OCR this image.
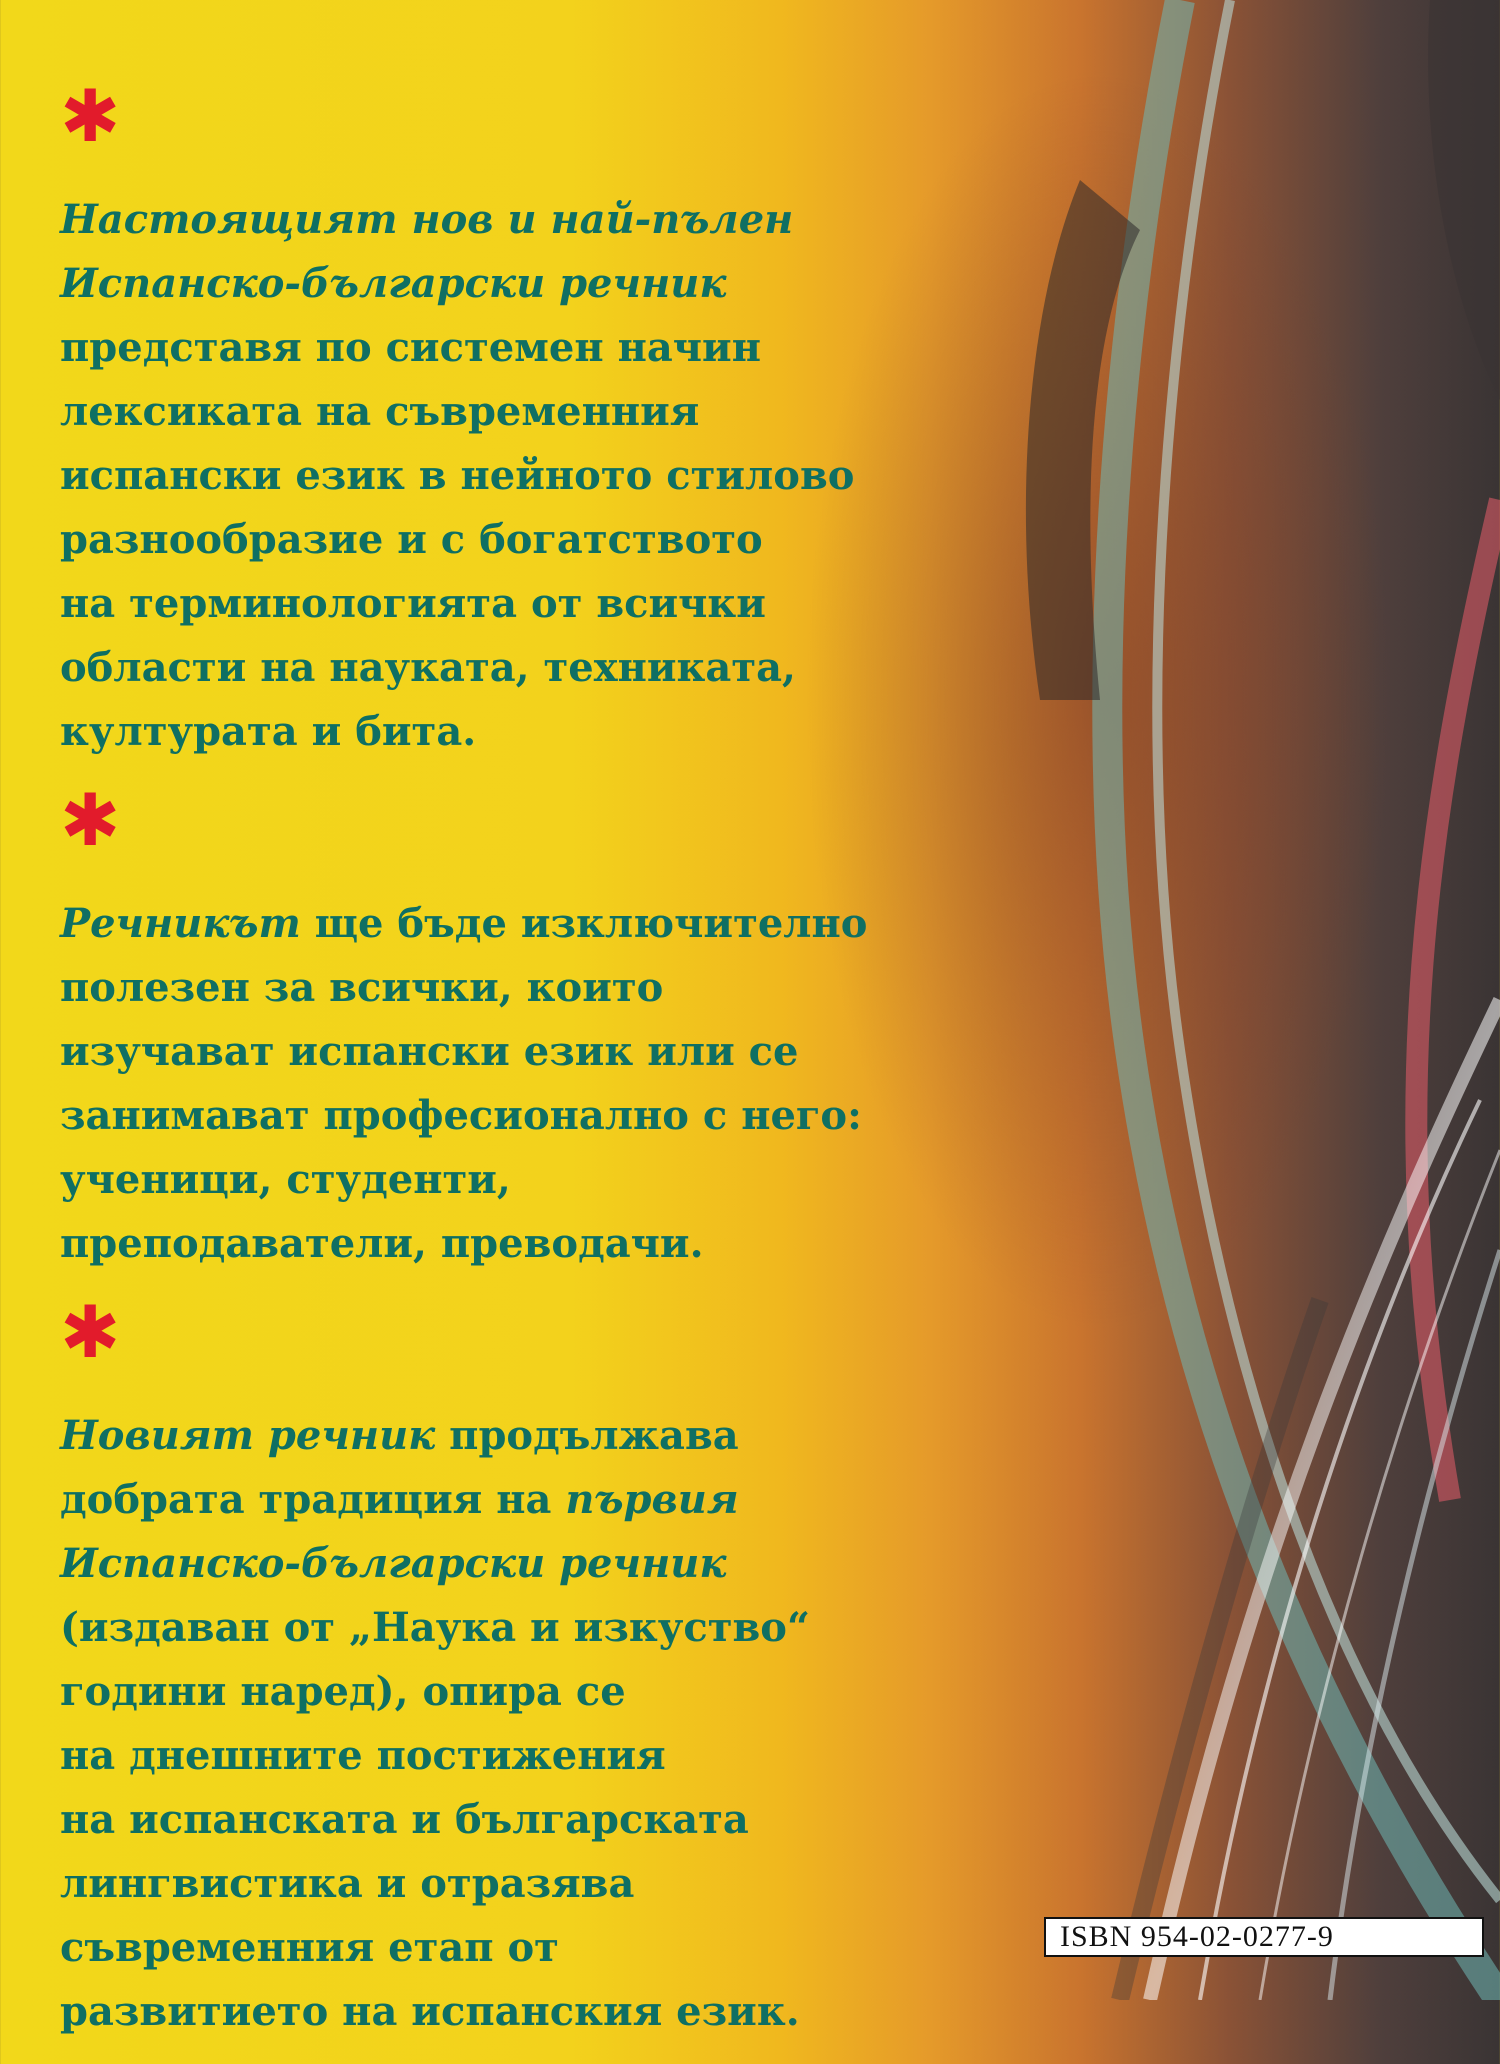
✱

Настоящият нов и най-пълен

Испанско-български речник

представя по системен начин

лексиката на съвременния

испански език в нейното стилово

разнообразие и с богатството

на терминологията от всички

области на науката, техниката,

културата и бита.

✱

Речникът ще бъде изключително

полезен за всички, които

изучават испански език или се

занимават професионално с него:

ученици, студенти,

преподаватели, преводачи.

✱

Новият речник продължава

добрата традиция на първия

Испанско-български речник

(издаван от „Наука и изкуство“

години наред), опира се

на днешните постижения

на испанската и българската

лингвистика и отразява

съвременния етап от

развитието на испанския език.

ISBN 954-02-0277-9
